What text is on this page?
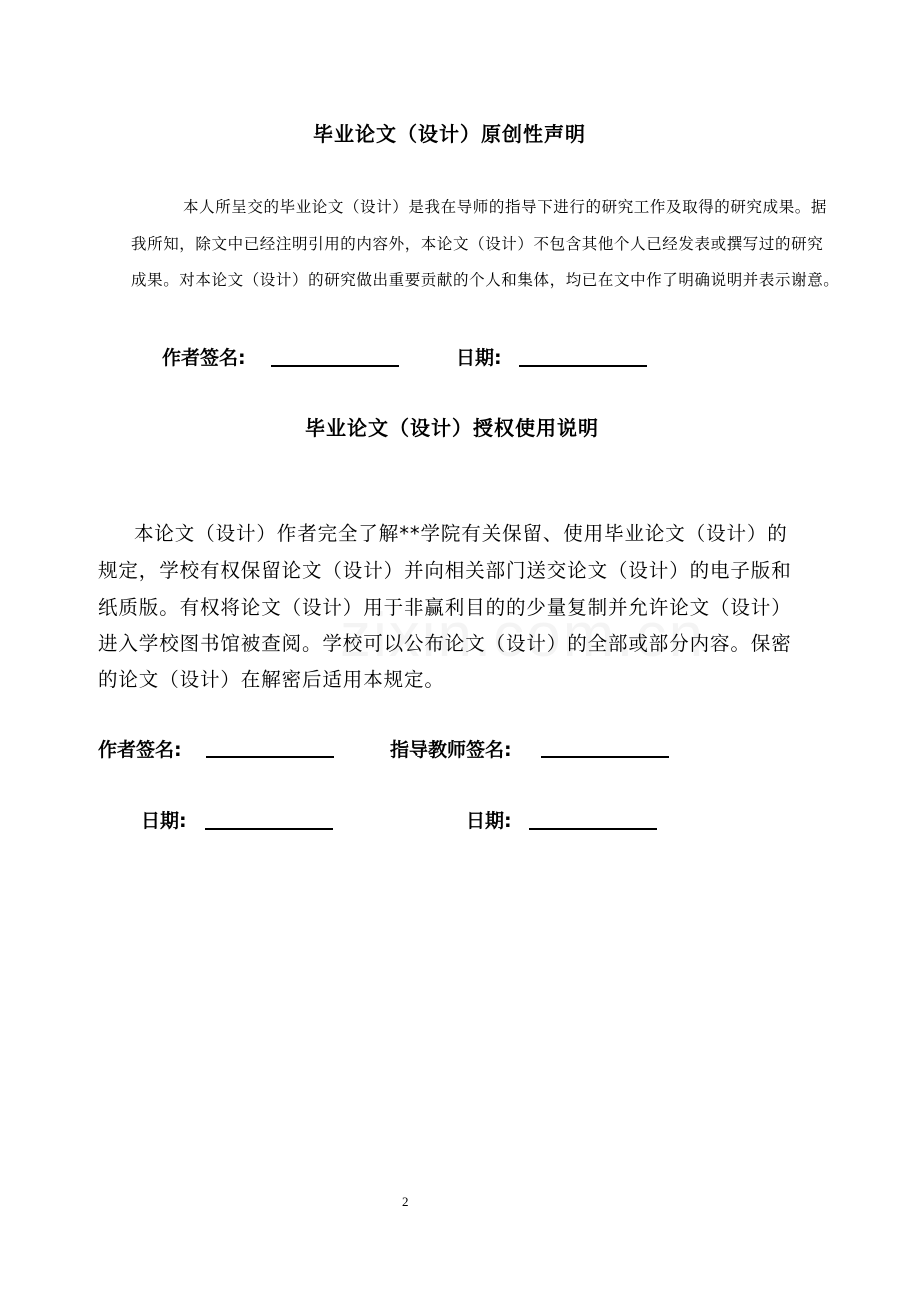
毕业论文（设计）原创性声明
本人所呈交的毕业论文（设计）是我在导师的指导下进行的研究工作及取得的研究成果。据
我所知，除文中已经注明引用的内容外，本论文（设计）不包含其他个人已经发表或撰写过的研究
成果。对本论文（设计）的研究做出重要贡献的个人和集体，均已在文中作了明确说明并表示谢意。
作者签名:	日期:
毕业论文（设计）授权使用说明
本论文（设计）作者完全了解**学院有关保留、使用毕业论文（设计）的
规定，学校有权保留论文（设计）并向相关部门送交论文（设计）的电子版和
纸质版。有权将论文（设计）用于非赢利目的的少量复制并允许论文（设计）
进入学校图书馆被查阅。学校可以公布论文（设计）的全部或部分内容。保密
的论文（设计）在解密后适用本规定。
作者签名:	指导教师签名:
日期:	日期:
2
